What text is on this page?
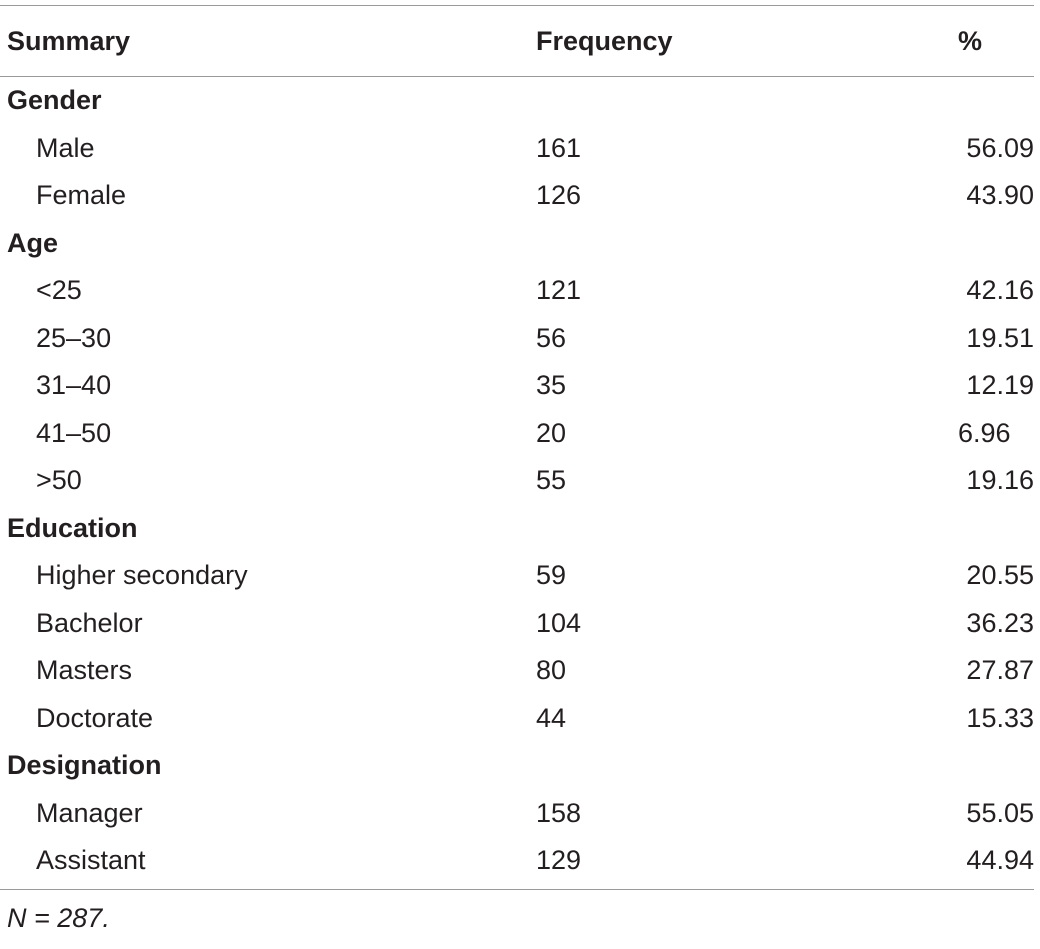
Summary	Frequency	%
Gender
Male	161	56.09
Female	126	43.90
Age
<25	121	42.16
25–30	56	19.51
31–40	35	12.19
41–50	20	6.96
>50	55	19.16
Education
Higher secondary	59	20.55
Bachelor	104	36.23
Masters	80	27.87
Doctorate	44	15.33
Designation
Manager	158	55.05
Assistant	129	44.94
N = 287.
